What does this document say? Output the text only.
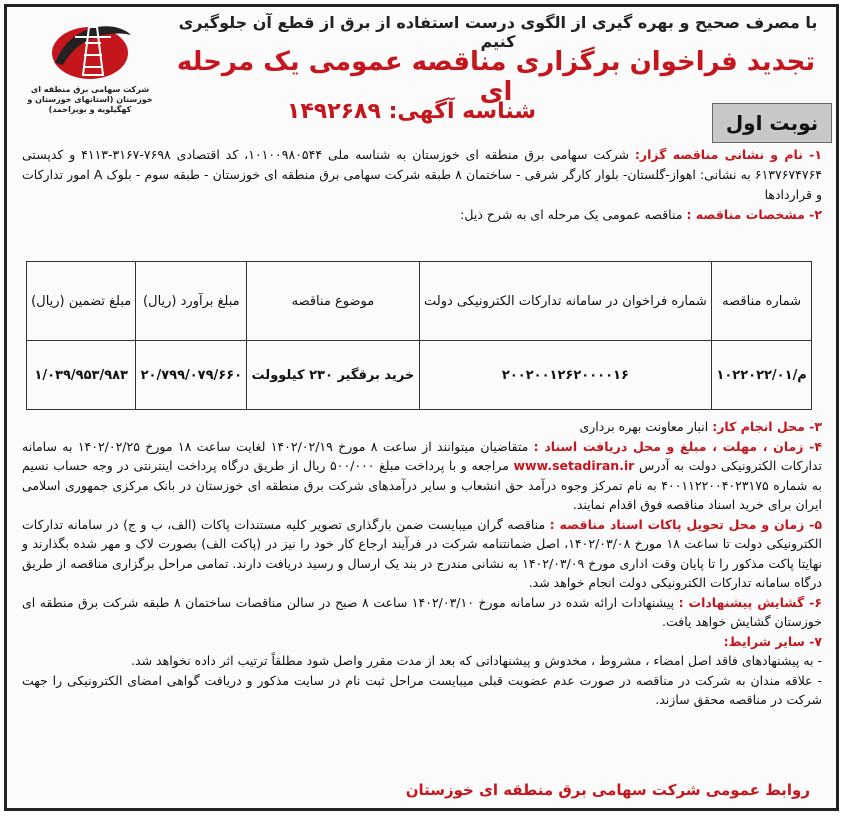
شرکت سهامی برق منطقه ای خوزستان (استانهای خوزستان و کهگیلویه و بویراحمد)
با مصرف صحیح و بهره گیری از الگوی درست استفاده از برق از قطع آن جلوگیری کنیم
تجدید فراخوان برگزاری مناقصه عمومی یک مرحله ای
نوبت اول
شناسه آگهی: ۱۴۹۲۶۸۹

۱- نام و نشانی مناقصه گزار: شرکت سهامی برق منطقه ای خوزستان به شناسه ملی ۱۰۱۰۰۹۸۰۵۴۴، کد اقتصادی ۷۶۹۸-۳۱۶۷-۴۱۱۳ و کدپستی ۶۱۳۷۶۷۴۷۶۴ به نشانی: اهواز-گلستان- بلوار کارگر شرقی - ساختمان ۸ طبقه شرکت سهامی برق منطقه ای خوزستان - طبقه سوم - بلوک A امور تدارکات و قراردادها

۲- مشخصات مناقصه : مناقصه عمومی یک مرحله ای به شرح ذیل:

شماره مناقصه	شماره فراخوان در سامانه تدارکات الکترونیکی دولت	موضوع مناقصه	مبلغ برآورد (ریال)	مبلغ تضمین (ریال)
م/۱۰۲۲۰۲۲/۰۱	۲۰۰۲۰۰۱۲۶۲۰۰۰۰۱۶	خرید برقگیر ۲۳۰ کیلوولت	۲۰/۷۹۹/۰۷۹/۶۶۰	۱/۰۳۹/۹۵۳/۹۸۳

۳- محل انجام کار: انبار معاونت بهره برداری

۴- زمان ، مهلت ، مبلغ و محل دریافت اسناد : متقاضیان میتوانند از ساعت ۸ مورخ ۱۴۰۲/۰۲/۱۹ لغایت ساعت ۱۸ مورخ ۱۴۰۲/۰۲/۲۵ به سامانه تدارکات الکترونیکی دولت به آدرس www.setadiran.ir مراجعه و با پرداخت مبلغ ۵۰۰/۰۰۰ ریال از طریق درگاه پرداخت اینترنتی در وجه حساب نسیم به شماره ۴۰۰۱۱۲۲۰۰۴۰۲۳۱۷۵ به نام تمرکز وجوه درآمد حق انشعاب و سایر درآمدهای شرکت برق منطقه ای خوزستان در بانک مرکزی جمهوری اسلامی ایران برای خرید اسناد مناقصه فوق اقدام نمایند.

۵- زمان و محل تحویل پاکات اسناد مناقصه : مناقصه گران میبایست ضمن بارگذاری تصویر کلیه مستندات پاکات (الف، ب و ج) در سامانه تدارکات الکترونیکی دولت تا ساعت ۱۸ مورخ ۱۴۰۲/۰۳/۰۸، اصل ضمانتنامه شرکت در فرآیند ارجاع کار خود را نیز در (پاکت الف) بصورت لاک و مهر شده بگذارند و نهایتا پاکت مذکور را تا پایان وقت اداری مورخ ۱۴۰۲/۰۳/۰۹ به نشانی مندرج در بند یک ارسال و رسید دریافت دارند. تمامی مراحل برگزاری مناقصه از طریق درگاه سامانه تدارکات الکترونیکی دولت انجام خواهد شد.

۶- گشایش پیشنهادات : پیشنهادات ارائه شده در سامانه مورخ ۱۴۰۲/۰۳/۱۰ ساعت ۸ صبح در سالن مناقصات ساختمان ۸ طبقه شرکت برق منطقه ای خوزستان گشایش خواهد یافت.

۷- سایر شرایط:

- به پیشنهادهای فاقد اصل امضاء ، مشروط ، مخدوش و پیشنهاداتی که بعد از مدت مقرر واصل شود مطلقاً ترتیب اثر داده نخواهد شد.

- علاقه مندان به شرکت در مناقصه در صورت عدم عضویت قبلی میبایست مراحل ثبت نام در سایت مذکور و دریافت گواهی امضای الکترونیکی را جهت شرکت در مناقصه محقق سازند.

روابط عمومی شرکت سهامی برق منطقه ای خوزستان
